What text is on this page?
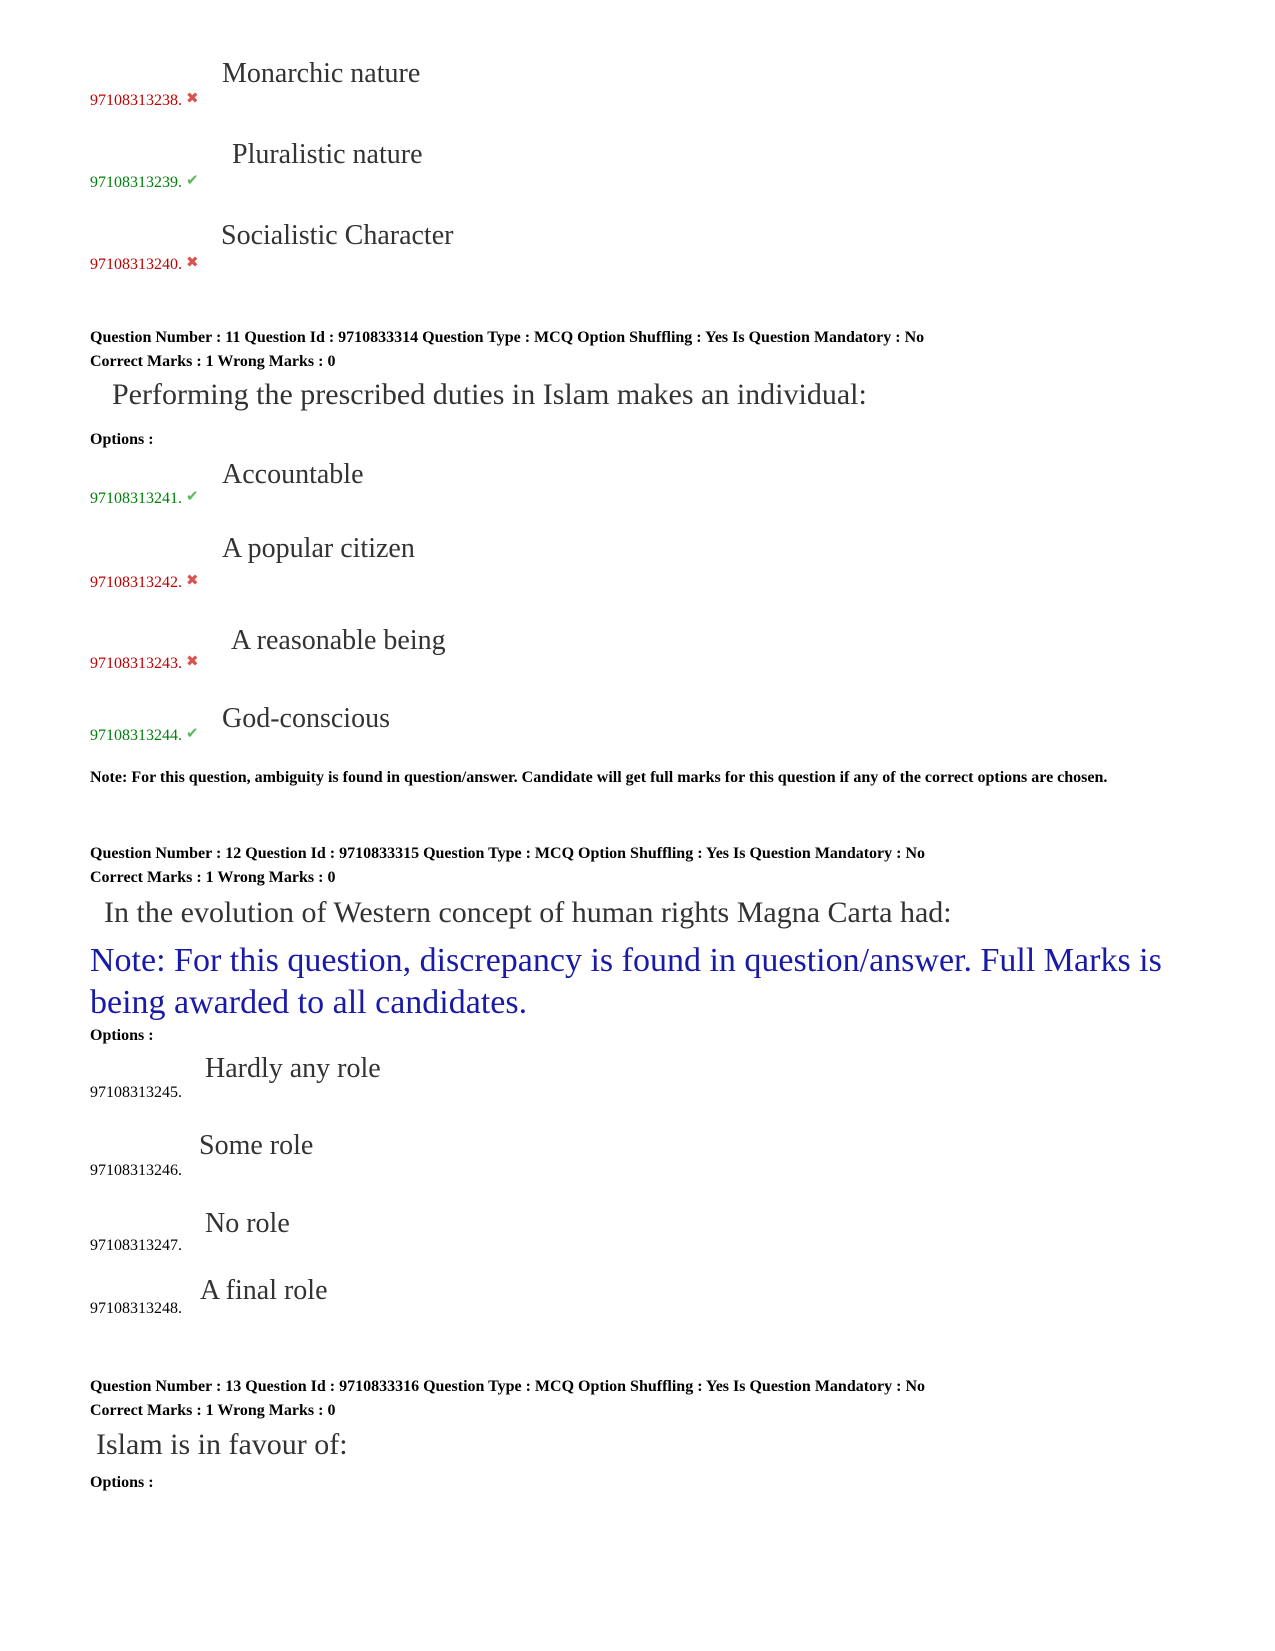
Monarchic nature
97108313238. ✖
Pluralistic nature
97108313239. ✔
Socialistic Character
97108313240. ✖
Question Number : 11 Question Id : 9710833314 Question Type : MCQ Option Shuffling : Yes Is Question Mandatory : No
Correct Marks : 1 Wrong Marks : 0
Performing the prescribed duties in Islam makes an individual:
Options :
Accountable
97108313241. ✔
A popular citizen
97108313242. ✖
A reasonable being
97108313243. ✖
God-conscious
97108313244. ✔
Note: For this question, ambiguity is found in question/answer. Candidate will get full marks for this question if any of the correct options are chosen.
Question Number : 12 Question Id : 9710833315 Question Type : MCQ Option Shuffling : Yes Is Question Mandatory : No
Correct Marks : 1 Wrong Marks : 0
In the evolution of Western concept of human rights Magna Carta had:
Note: For this question, discrepancy is found in question/answer. Full Marks is being awarded to all candidates.
Options :
Hardly any role
97108313245.
Some role
97108313246.
No role
97108313247.
A final role
97108313248.
Question Number : 13 Question Id : 9710833316 Question Type : MCQ Option Shuffling : Yes Is Question Mandatory : No
Correct Marks : 1 Wrong Marks : 0
Islam is in favour of:
Options :
